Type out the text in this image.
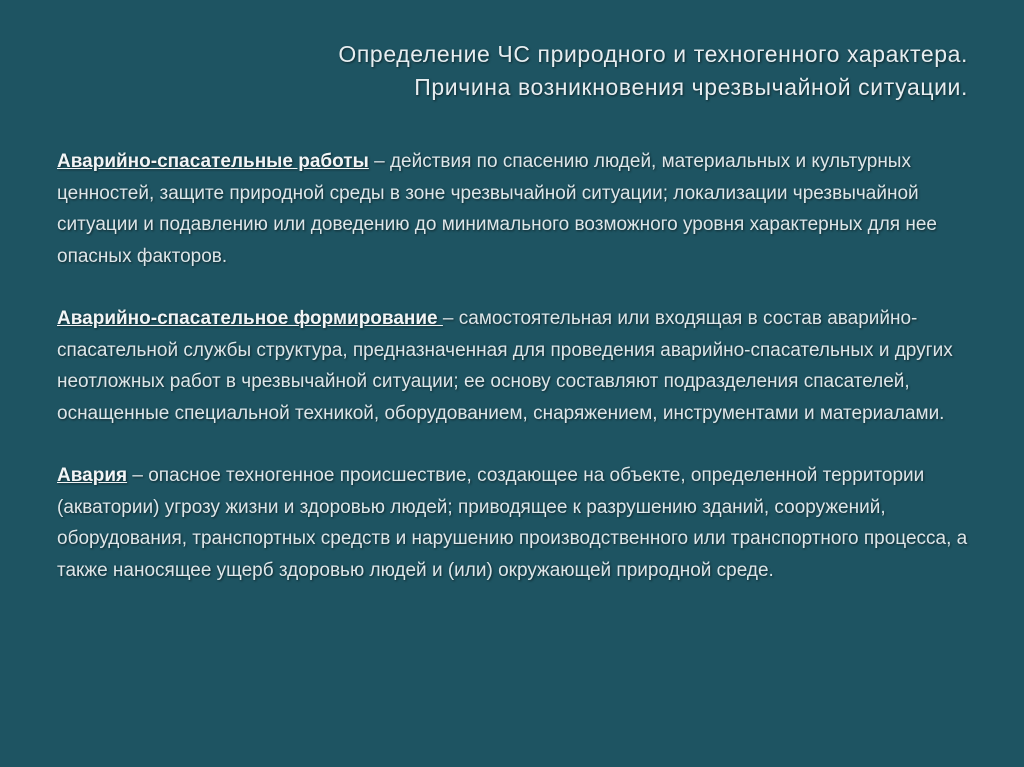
Определение ЧС природного и техногенного характера.
Причина возникновения чрезвычайной ситуации.

Аварийно-спасательные работы – действия по спасению людей, материальных и культурных ценностей, защите природной среды в зоне чрезвычайной ситуации; локализации чрезвычайной ситуации и подавлению или доведению до минимального возможного уровня характерных для нее опасных факторов.

Аварийно-спасательное формирование – самостоятельная или входящая в состав аварийно-спасательной службы структура, предназначенная для проведения аварийно-спасательных и других неотложных работ в чрезвычайной ситуации; ее основу составляют подразделения спасателей, оснащенные специальной техникой, оборудованием, снаряжением, инструментами и материалами.

Авария – опасное техногенное происшествие, создающее на объекте, определенной территории (акватории) угрозу жизни и здоровью людей; приводящее к разрушению зданий, сооружений, оборудования, транспортных средств и нарушению производственного или транспортного процесса, а также наносящее ущерб здоровью людей и (или) окружающей природной среде.
